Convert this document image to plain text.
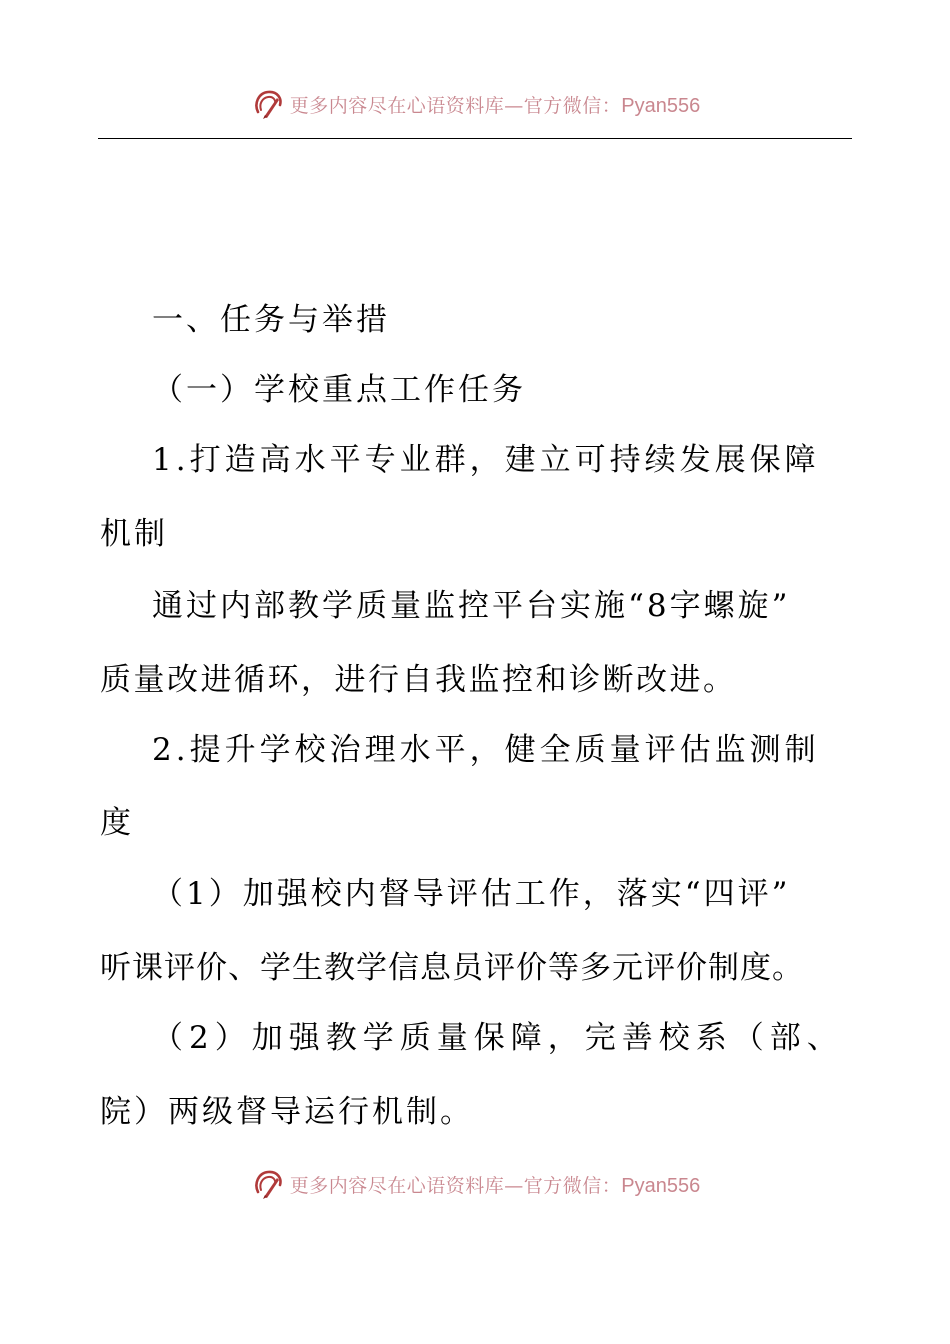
更多内容尽在心语资料库—官方微信：Pyan556
一、任务与举措
（一）学校重点工作任务
1.打造高水平专业群，建立可持续发展保障
机制
通过内部教学质量监控平台实施“8字螺旋”
质量改进循环，进行自我监控和诊断改进。
2.提升学校治理水平，健全质量评估监测制
度
（1）加强校内督导评估工作，落实“四评”
听课评价、学生教学信息员评价等多元评价制度。
（2）加强教学质量保障，完善校系（部、
院）两级督导运行机制。
更多内容尽在心语资料库—官方微信：Pyan556
